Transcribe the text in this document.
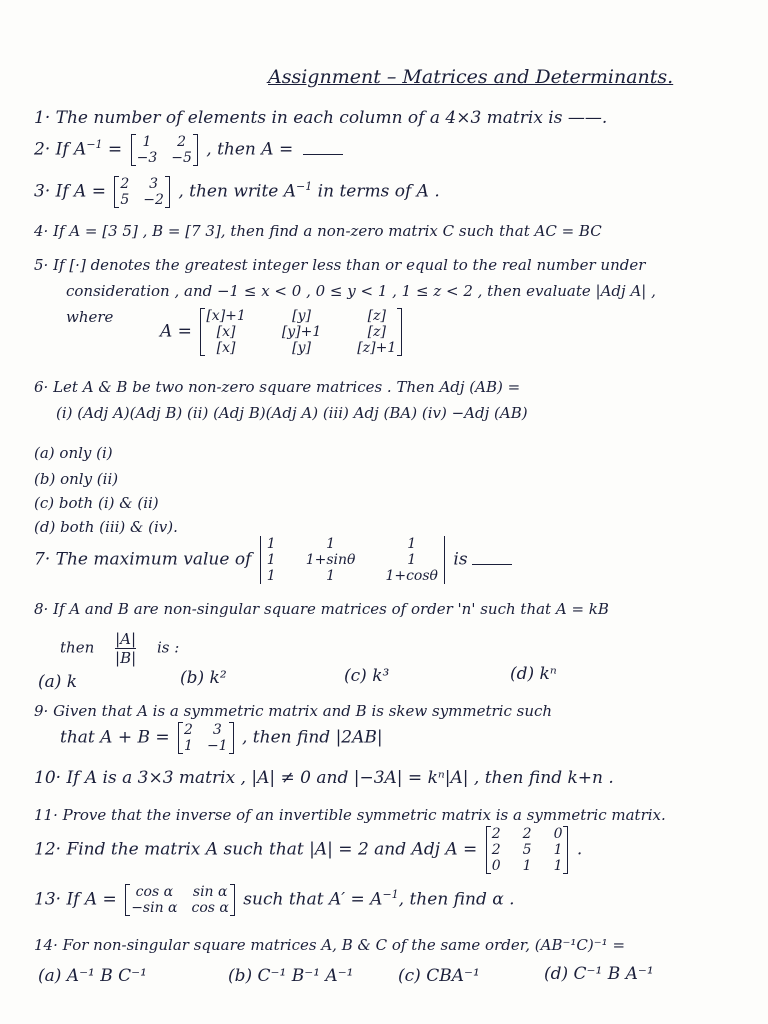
Assignment – Matrices and Determinants.
1· The number of elements in each column of a 4×3 matrix is ——.
2· If $A^{-1}$ =	1	2
−3 −5 , then A =
3· If A = 2	3
5 −2 , then write $A^{-1}$ in terms of A .
4· If A = [3 5] , B = [7 3], then find a non-zero matrix C such that AC = BC
5· If [·] denotes the greatest integer less than or equal to the real number under
consideration , and −1 ≤ x < 0 , 0 ≤ y < 1 , 1 ≤ z < 2 , then evaluate |Adj A| ,
where
A =
[x]+1	[y]	[z]
[x]	[y]+1	[z]
[x]	[y]	[z]+1
6· Let A & B be two non-zero square matrices . Then Adj (AB) =
(i) (Adj A)(Adj B) (ii) (Adj B)(Adj A) (iii) Adj (BA) (iv) −Adj (AB)
(a) only (i)
(b) only (ii)
(c) both (i) & (ii)
(d) both (iii) & (iv).
7· The maximum value of
1	1	1
1 1+sinθ	1
1	1	1+cosθ
is
8· If A and B are non-singular square matrices of order 'n' such that A = kB
then $\frac{|A|}{|B|}$ is :
(a) k	(b) k²	(c) k³	(d) kⁿ
9· Given that A is a symmetric matrix and B is skew symmetric such
that A + B = 2	3
1 −1 , then find |2AB|
10· If A is a 3×3 matrix , |A| ≠ 0 and |−3A| = kⁿ|A| , then find k+n .
11· Prove that the inverse of an invertible symmetric matrix is a symmetric matrix.
12· Find the matrix A such that |A| = 2 and Adj A =
2 2 0
2 5 1
0 1 1
.
13· If A = cos α	sin α
−sin α cos α such that $A' = A^{-1}$, then find α .
14· For non-singular square matrices A, B & C of the same order, (AB⁻¹C)⁻¹ =
(a) A⁻¹ B C⁻¹	(b) C⁻¹ B⁻¹ A⁻¹	(c) CBA⁻¹	(d) C⁻¹ B A⁻¹
